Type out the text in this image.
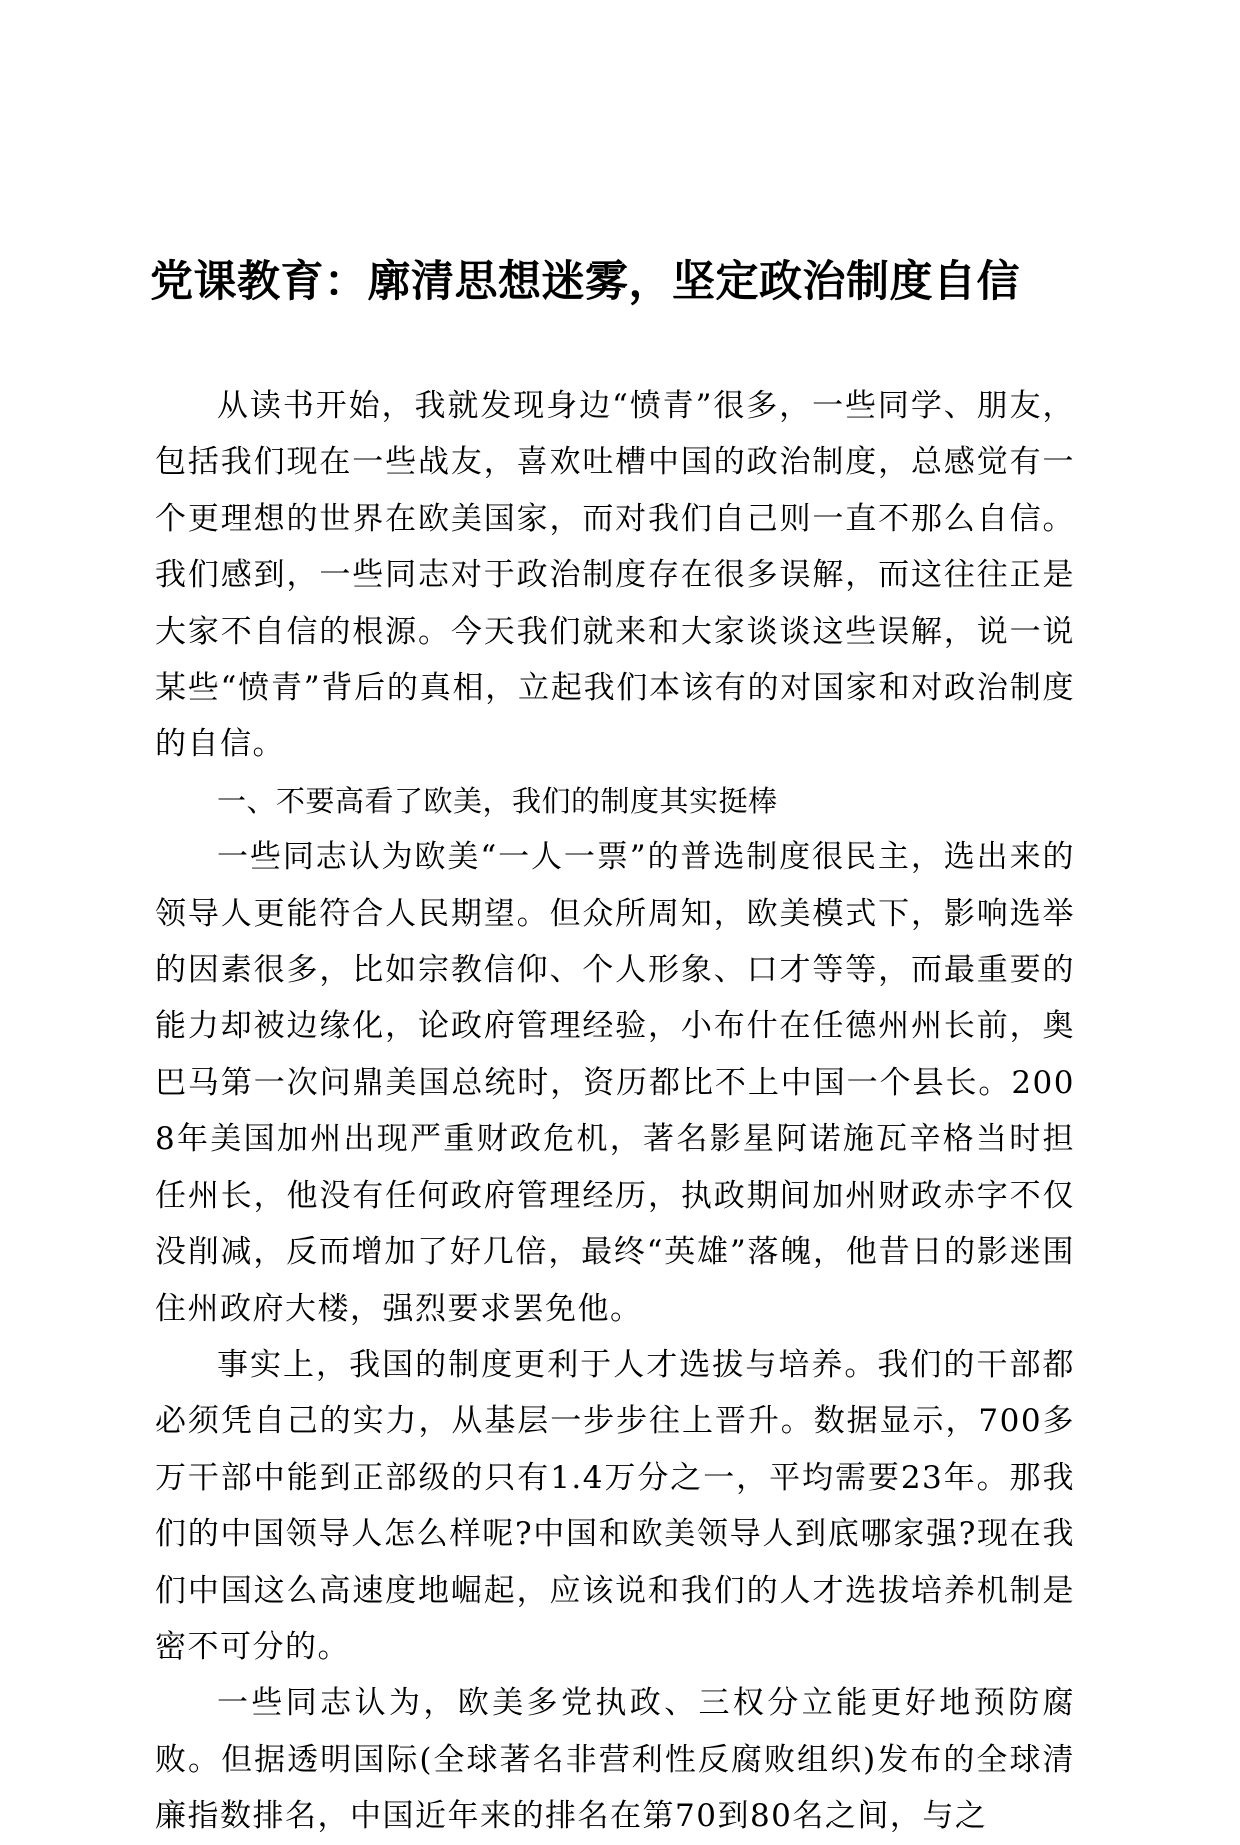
党课教育：廓清思想迷雾，坚定政治制度自信

从读书开始，我就发现身边“愤青”很多，一些同学、朋友，包括我们现在一些战友，喜欢吐槽中国的政治制度，总感觉有一个更理想的世界在欧美国家，而对我们自己则一直不那么自信。我们感到，一些同志对于政治制度存在很多误解，而这往往正是大家不自信的根源。今天我们就来和大家谈谈这些误解，说一说某些“愤青”背后的真相，立起我们本该有的对国家和对政治制度的自信。

一、不要高看了欧美，我们的制度其实挺棒

一些同志认为欧美“一人一票”的普选制度很民主，选出来的领导人更能符合人民期望。但众所周知，欧美模式下，影响选举的因素很多，比如宗教信仰、个人形象、口才等等，而最重要的能力却被边缘化，论政府管理经验，小布什在任德州州长前，奥巴马第一次问鼎美国总统时，资历都比不上中国一个县长。2008年美国加州出现严重财政危机，著名影星阿诺施瓦辛格当时担任州长，他没有任何政府管理经历，执政期间加州财政赤字不仅没削减，反而增加了好几倍，最终“英雄”落魄，他昔日的影迷围住州政府大楼，强烈要求罢免他。

事实上，我国的制度更利于人才选拔与培养。我们的干部都必须凭自己的实力，从基层一步步往上晋升。数据显示，700多万干部中能到正部级的只有1.4万分之一，平均需要23年。那我们的中国领导人怎么样呢?中国和欧美领导人到底哪家强?现在我们中国这么高速度地崛起，应该说和我们的人才选拔培养机制是密不可分的。

一些同志认为，欧美多党执政、三权分立能更好地预防腐败。但据透明国际(全球著名非营利性反腐败组织)发布的全球清廉指数排名，中国近年来的排名在第70到80名之间，与之
